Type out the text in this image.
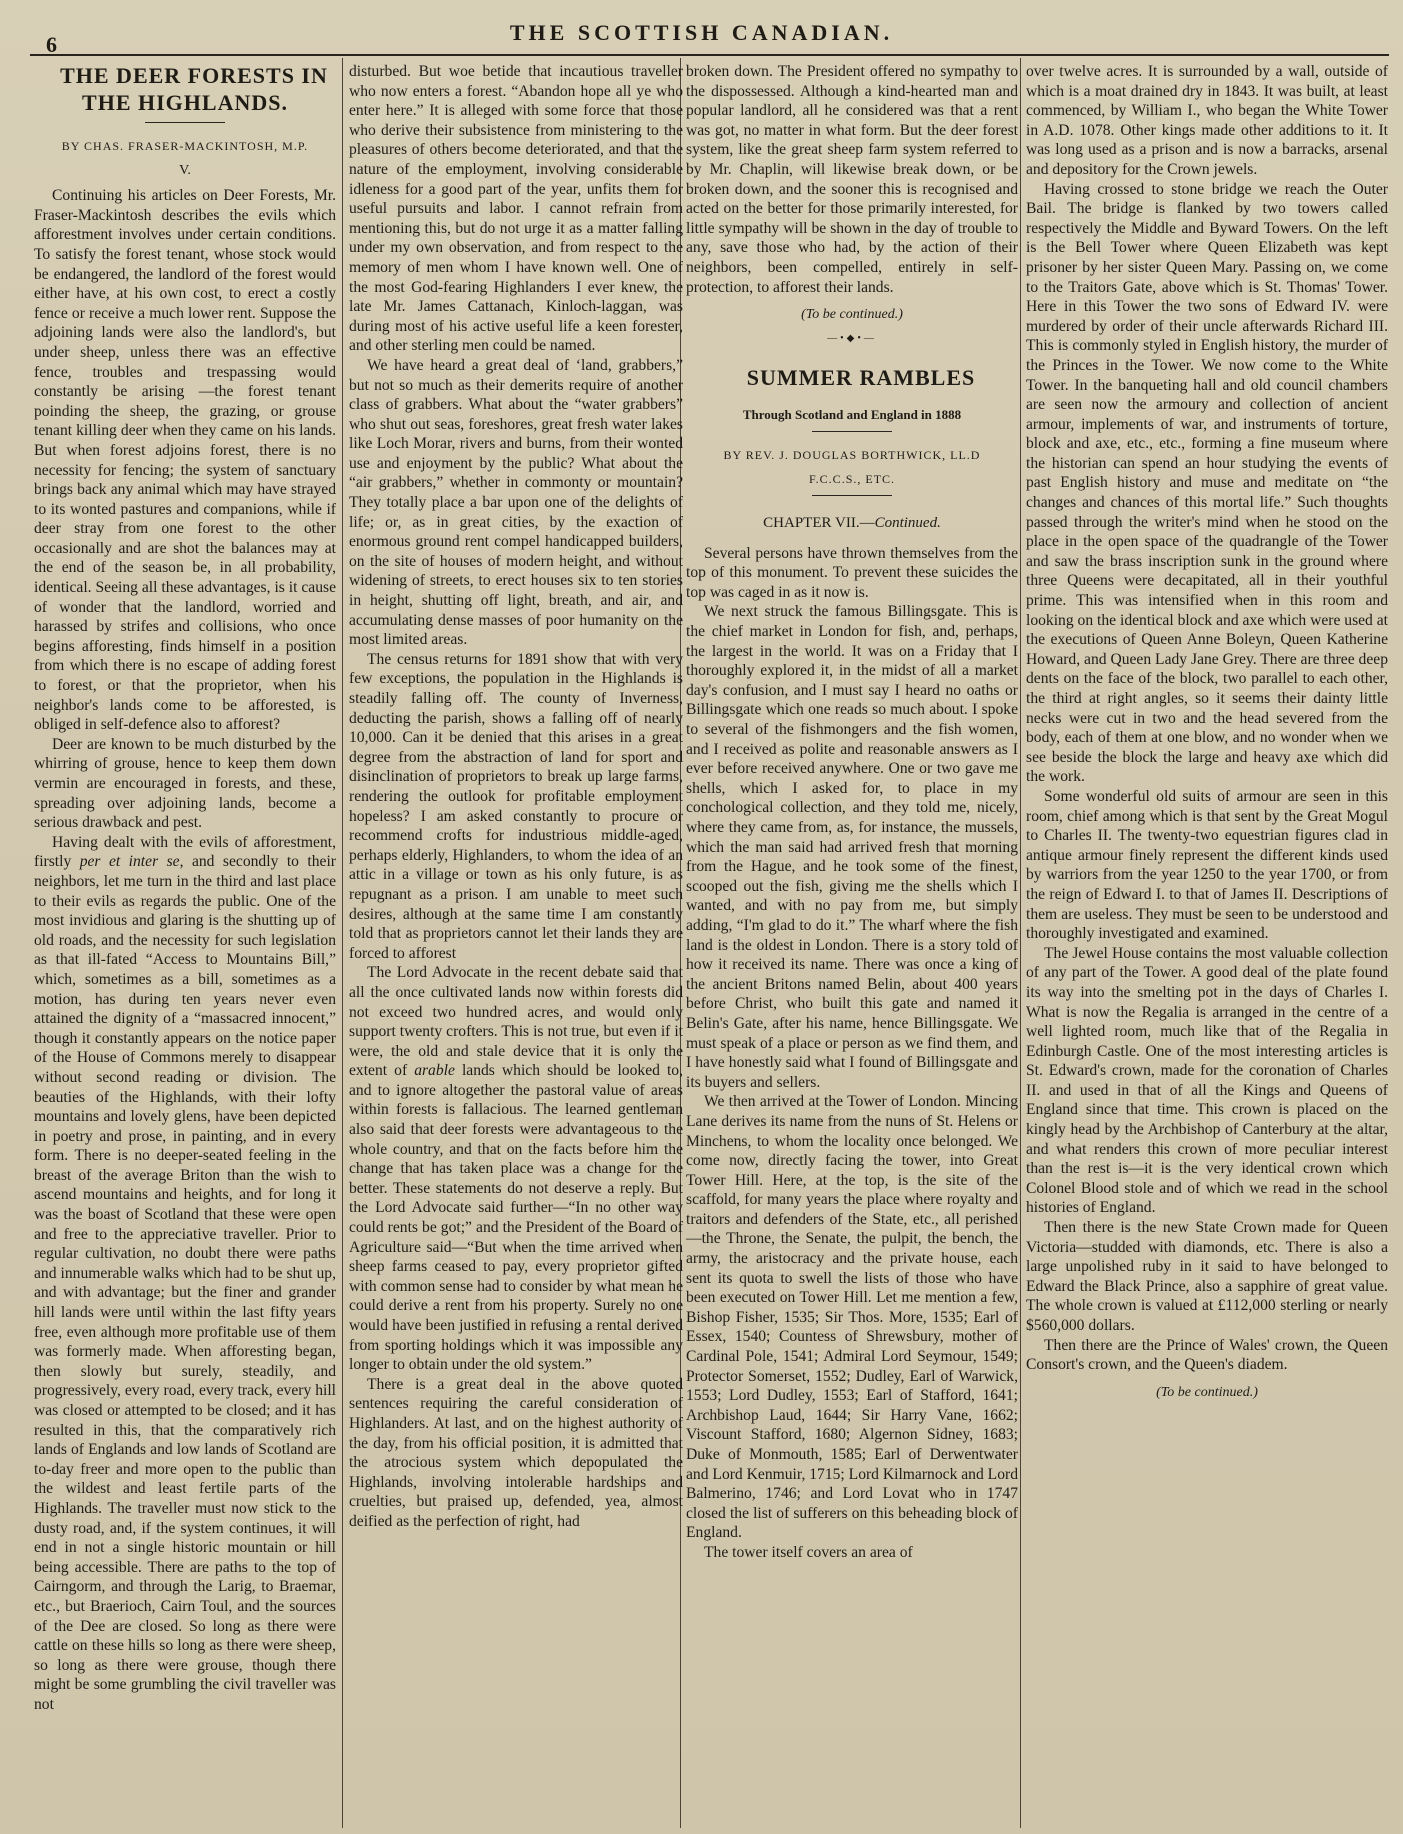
6	THE SCOTTISH CANADIAN.

THE DEER FORESTS IN THE HIGHLANDS.

BY CHAS. FRASER-MACKINTOSH, M.P.
V.

Continuing his articles on Deer Forests, Mr. Fraser-Mackintosh describes the evils which afforestment involves under certain conditions. To satisfy the forest tenant, whose stock would be endangered, the landlord of the forest would either have, at his own cost, to erect a costly fence or receive a much lower rent. Suppose the adjoining lands were also the landlord's, but under sheep, unless there was an effective fence, troubles and trespassing would constantly be arising —the forest tenant poinding the sheep, the grazing, or grouse tenant killing deer when they came on his lands. But when forest adjoins forest, there is no necessity for fencing; the system of sanctuary brings back any animal which may have strayed to its wonted pastures and companions, while if deer stray from one forest to the other occasionally and are shot the balances may at the end of the season be, in all probability, identical. Seeing all these advantages, is it cause of wonder that the landlord, worried and harassed by strifes and collisions, who once begins afforesting, finds himself in a position from which there is no escape of adding forest to forest, or that the proprietor, when his neighbor's lands come to be afforested, is obliged in self-defence also to afforest?

Deer are known to be much disturbed by the whirring of grouse, hence to keep them down vermin are encouraged in forests, and these, spreading over adjoining lands, become a serious drawback and pest.

Having dealt with the evils of afforestment, firstly per et inter se, and secondly to their neighbors, let me turn in the third and last place to their evils as regards the public. One of the most invidious and glaring is the shutting up of old roads, and the necessity for such legislation as that ill-fated “Access to Mountains Bill,” which, sometimes as a bill, sometimes as a motion, has during ten years never even attained the dignity of a “massacred innocent,” though it constantly appears on the notice paper of the House of Commons merely to disappear without second reading or division. The beauties of the Highlands, with their lofty mountains and lovely glens, have been depicted in poetry and prose, in painting, and in every form. There is no deeper-seated feeling in the breast of the average Briton than the wish to ascend mountains and heights, and for long it was the boast of Scotland that these were open and free to the appreciative traveller. Prior to regular cultivation, no doubt there were paths and innumerable walks which had to be shut up, and with advantage; but the finer and grander hill lands were until within the last fifty years free, even although more profitable use of them was formerly made. When afforesting began, then slowly but surely, steadily, and progressively, every road, every track, every hill was closed or attempted to be closed; and it has resulted in this, that the comparatively rich lands of Englands and low lands of Scotland are to-day freer and more open to the public than the wildest and least fertile parts of the Highlands. The traveller must now stick to the dusty road, and, if the system continues, it will end in not a single historic mountain or hill being accessible. There are paths to the top of Cairngorm, and through the Larig, to Braemar, etc., but Braerioch, Cairn Toul, and the sources of the Dee are closed. So long as there were cattle on these hills so long as there were sheep, so long as there were grouse, though there might be some grumbling the civil traveller was not

disturbed. But woe betide that incautious traveller who now enters a forest. “Abandon hope all ye who enter here.” It is alleged with some force that those who derive their subsistence from ministering to the pleasures of others become deteriorated, and that the nature of the employment, involving considerable idleness for a good part of the year, unfits them for useful pursuits and labor. I cannot refrain from mentioning this, but do not urge it as a matter falling under my own observation, and from respect to the memory of men whom I have known well. One of the most God-fearing Highlanders I ever knew, the late Mr. James Cattanach, Kinloch-laggan, was during most of his active useful life a keen forester, and other sterling men could be named.

We have heard a great deal of ‘land, grabbers,” but not so much as their demerits require of another class of grabbers. What about the “water grabbers” who shut out seas, foreshores, great fresh water lakes like Loch Morar, rivers and burns, from their wonted use and enjoyment by the public? What about the “air grabbers,” whether in commonty or mountain? They totally place a bar upon one of the delights of life; or, as in great cities, by the exaction of enormous ground rent compel handicapped builders, on the site of houses of modern height, and without widening of streets, to erect houses six to ten stories in height, shutting off light, breath, and air, and accumulating dense masses of poor humanity on the most limited areas.

The census returns for 1891 show that with very few exceptions, the population in the Highlands is steadily falling off. The county of Inverness, deducting the parish, shows a falling off of nearly 10,000. Can it be denied that this arises in a great degree from the abstraction of land for sport and disinclination of proprietors to break up large farms, rendering the outlook for profitable employment hopeless? I am asked constantly to procure or recommend crofts for industrious middle-aged, perhaps elderly, Highlanders, to whom the idea of an attic in a village or town as his only future, is as repugnant as a prison. I am unable to meet such desires, although at the same time I am constantly told that as proprietors cannot let their lands they are forced to afforest

The Lord Advocate in the recent debate said that all the once cultivated lands now within forests did not exceed two hundred acres, and would only support twenty crofters. This is not true, but even if it were, the old and stale device that it is only the extent of arable lands which should be looked to, and to ignore altogether the pastoral value of areas within forests is fallacious. The learned gentleman also said that deer forests were advantageous to the whole country, and that on the facts before him the change that has taken place was a change for the better. These statements do not deserve a reply. But the Lord Advocate said further—“In no other way could rents be got;” and the President of the Board of Agriculture said—“But when the time arrived when sheep farms ceased to pay, every proprietor gifted with common sense had to consider by what mean he could derive a rent from his property. Surely no one would have been justified in refusing a rental derived from sporting holdings which it was impossible any longer to obtain under the old system.”

There is a great deal in the above quoted sentences requiring the careful consideration of Highlanders. At last, and on the highest authority of the day, from his official position, it is admitted that the atrocious system which depopulated the Highlands, involving intolerable hardships and cruelties, but praised up, defended, yea, almost deified as the perfection of right, had

broken down. The President offered no sympathy to the dispossessed. Although a kind-hearted man and popular landlord, all he considered was that a rent was got, no matter in what form. But the deer forest system, like the great sheep farm system referred to by Mr. Chaplin, will likewise break down, or be broken down, and the sooner this is recognised and acted on the better for those primarily interested, for little sympathy will be shown in the day of trouble to any, save those who had, by the action of their neighbors, been compelled, entirely in self-protection, to afforest their lands.

(To be continued.)
—•◆•—

SUMMER RAMBLES

Through Scotland and England in 1888
BY REV. J. DOUGLAS BORTHWICK, LL.D
F.C.C.S., ETC.
CHAPTER VII.—Continued.

Several persons have thrown themselves from the top of this monument. To prevent these suicides the top was caged in as it now is.

We next struck the famous Billingsgate. This is the chief market in London for fish, and, perhaps, the largest in the world. It was on a Friday that I thoroughly explored it, in the midst of all a market day's confusion, and I must say I heard no oaths or Billingsgate which one reads so much about. I spoke to several of the fishmongers and the fish women, and I received as polite and reasonable answers as I ever before received anywhere. One or two gave me shells, which I asked for, to place in my conchological collection, and they told me, nicely, where they came from, as, for instance, the mussels, which the man said had arrived fresh that morning from the Hague, and he took some of the finest, scooped out the fish, giving me the shells which I wanted, and with no pay from me, but simply adding, “I'm glad to do it.” The wharf where the fish land is the oldest in London. There is a story told of how it received its name. There was once a king of the ancient Britons named Belin, about 400 years before Christ, who built this gate and named it Belin's Gate, after his name, hence Billingsgate. We must speak of a place or person as we find them, and I have honestly said what I found of Billingsgate and its buyers and sellers.

We then arrived at the Tower of London. Mincing Lane derives its name from the nuns of St. Helens or Minchens, to whom the locality once belonged. We come now, directly facing the tower, into Great Tower Hill. Here, at the top, is the site of the scaffold, for many years the place where royalty and traitors and defenders of the State, etc., all perished—the Throne, the Senate, the pulpit, the bench, the army, the aristocracy and the private house, each sent its quota to swell the lists of those who have been executed on Tower Hill. Let me mention a few, Bishop Fisher, 1535; Sir Thos. More, 1535; Earl of Essex, 1540; Countess of Shrewsbury, mother of Cardinal Pole, 1541; Admiral Lord Seymour, 1549; Protector Somerset, 1552; Dudley, Earl of Warwick, 1553; Lord Dudley, 1553; Earl of Stafford, 1641; Archbishop Laud, 1644; Sir Harry Vane, 1662; Viscount Stafford, 1680; Algernon Sidney, 1683; Duke of Monmouth, 1585; Earl of Derwentwater and Lord Kenmuir, 1715; Lord Kilmarnock and Lord Balmerino, 1746; and Lord Lovat who in 1747 closed the list of sufferers on this beheading block of England.

The tower itself covers an area of

over twelve acres. It is surrounded by a wall, outside of which is a moat drained dry in 1843. It was built, at least commenced, by William I., who began the White Tower in A.D. 1078. Other kings made other additions to it. It was long used as a prison and is now a barracks, arsenal and depository for the Crown jewels.

Having crossed to stone bridge we reach the Outer Bail. The bridge is flanked by two towers called respectively the Middle and Byward Towers. On the left is the Bell Tower where Queen Elizabeth was kept prisoner by her sister Queen Mary. Passing on, we come to the Traitors Gate, above which is St. Thomas' Tower. Here in this Tower the two sons of Edward IV. were murdered by order of their uncle afterwards Richard III. This is commonly styled in English history, the murder of the Princes in the Tower. We now come to the White Tower. In the banqueting hall and old council chambers are seen now the armoury and collection of ancient armour, implements of war, and instruments of torture, block and axe, etc., etc., forming a fine museum where the historian can spend an hour studying the events of past English history and muse and meditate on “the changes and chances of this mortal life.” Such thoughts passed through the writer's mind when he stood on the place in the open space of the quadrangle of the Tower and saw the brass inscription sunk in the ground where three Queens were decapitated, all in their youthful prime. This was intensified when in this room and looking on the identical block and axe which were used at the executions of Queen Anne Boleyn, Queen Katherine Howard, and Queen Lady Jane Grey. There are three deep dents on the face of the block, two parallel to each other, the third at right angles, so it seems their dainty little necks were cut in two and the head severed from the body, each of them at one blow, and no wonder when we see beside the block the large and heavy axe which did the work.

Some wonderful old suits of armour are seen in this room, chief among which is that sent by the Great Mogul to Charles II. The twenty-two equestrian figures clad in antique armour finely represent the different kinds used by warriors from the year 1250 to the year 1700, or from the reign of Edward I. to that of James II. Descriptions of them are useless. They must be seen to be understood and thoroughly investigated and examined.

The Jewel House contains the most valuable collection of any part of the Tower. A good deal of the plate found its way into the smelting pot in the days of Charles I. What is now the Regalia is arranged in the centre of a well lighted room, much like that of the Regalia in Edinburgh Castle. One of the most interesting articles is St. Edward's crown, made for the coronation of Charles II. and used in that of all the Kings and Queens of England since that time. This crown is placed on the kingly head by the Archbishop of Canterbury at the altar, and what renders this crown of more peculiar interest than the rest is—it is the very identical crown which Colonel Blood stole and of which we read in the school histories of England.

Then there is the new State Crown made for Queen Victoria—studded with diamonds, etc. There is also a large unpolished ruby in it said to have belonged to Edward the Black Prince, also a sapphire of great value. The whole crown is valued at £112,000 sterling or nearly $560,000 dollars.

Then there are the Prince of Wales' crown, the Queen Consort's crown, and the Queen's diadem.

(To be continued.)
